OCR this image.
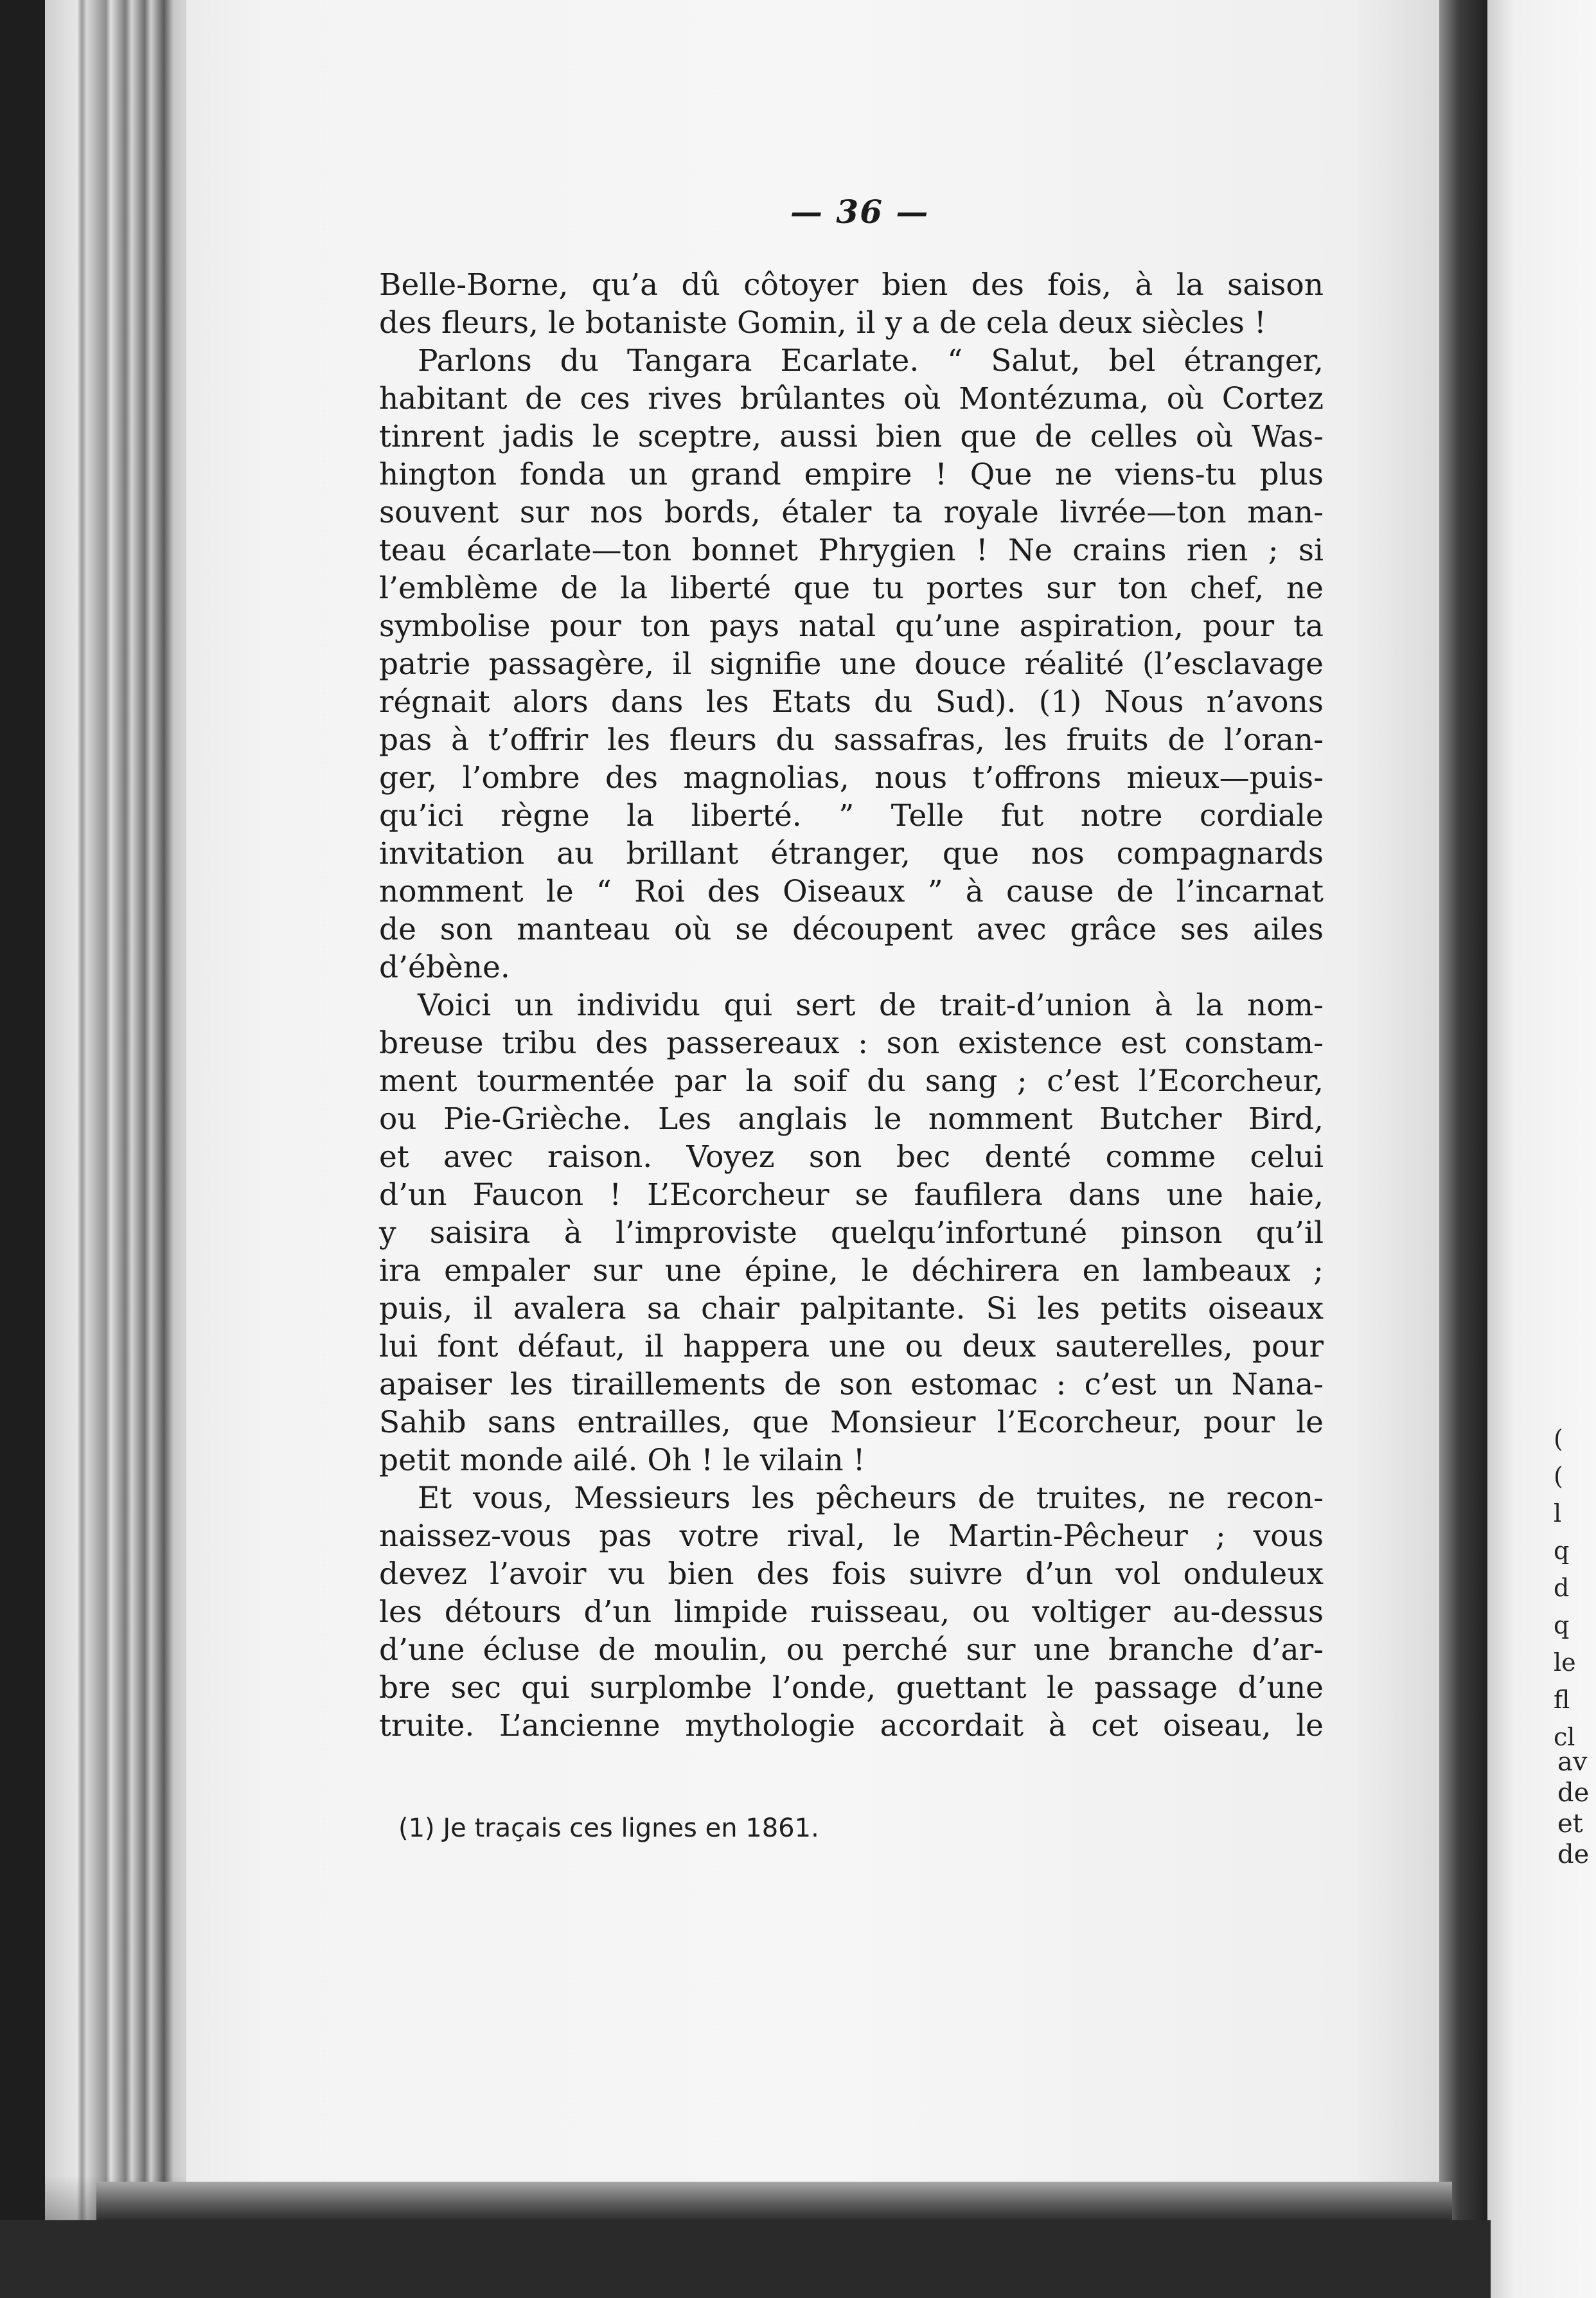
— 36 —
Belle-Borne, qu’a dû côtoyer bien des fois, à la saison
des fleurs, le botaniste Gomin, il y a de cela deux siècles !
Parlons du Tangara Ecarlate. “ Salut, bel étranger,
habitant de ces rives brûlantes où Montézuma, où Cortez
tinrent jadis le sceptre, aussi bien que de celles où Was-
hington fonda un grand empire ! Que ne viens-tu plus
souvent sur nos bords, étaler ta royale livrée—ton man-
teau écarlate—ton bonnet Phrygien ! Ne crains rien ; si
l’emblème de la liberté que tu portes sur ton chef, ne
symbolise pour ton pays natal qu’une aspiration, pour ta
patrie passagère, il signifie une douce réalité (l’esclavage
régnait alors dans les Etats du Sud). (1) Nous n’avons
pas à t’offrir les fleurs du sassafras, les fruits de l’oran-
ger, l’ombre des magnolias, nous t’offrons mieux—puis-
qu’ici règne la liberté. ” Telle fut notre cordiale
invitation au brillant étranger, que nos compagnards
nomment le “ Roi des Oiseaux ” à cause de l’incarnat
de son manteau où se découpent avec grâce ses ailes
d’ébène.
Voici un individu qui sert de trait-d’union à la nom-
breuse tribu des passereaux : son existence est constam-
ment tourmentée par la soif du sang ; c’est l’Ecorcheur,
ou Pie-Grièche. Les anglais le nomment Butcher Bird,
et avec raison. Voyez son bec denté comme celui
d’un Faucon ! L’Ecorcheur se faufilera dans une haie,
y saisira à l’improviste quelqu’infortuné pinson qu’il
ira empaler sur une épine, le déchirera en lambeaux ;
puis, il avalera sa chair palpitante. Si les petits oiseaux
lui font défaut, il happera une ou deux sauterelles, pour
apaiser les tiraillements de son estomac : c’est un Nana-
Sahib sans entrailles, que Monsieur l’Ecorcheur, pour le
petit monde ailé. Oh ! le vilain !
Et vous, Messieurs les pêcheurs de truites, ne recon-
naissez-vous pas votre rival, le Martin-Pêcheur ; vous
devez l’avoir vu bien des fois suivre d’un vol onduleux
les détours d’un limpide ruisseau, ou voltiger au-dessus
d’une écluse de moulin, ou perché sur une branche d’ar-
bre sec qui surplombe l’onde, guettant le passage d’une
truite. L’ancienne mythologie accordait à cet oiseau, le
(1) Je traçais ces lignes en 1861.
(
(
l
q
d
q
le
fl
cl
av
de
et
de
